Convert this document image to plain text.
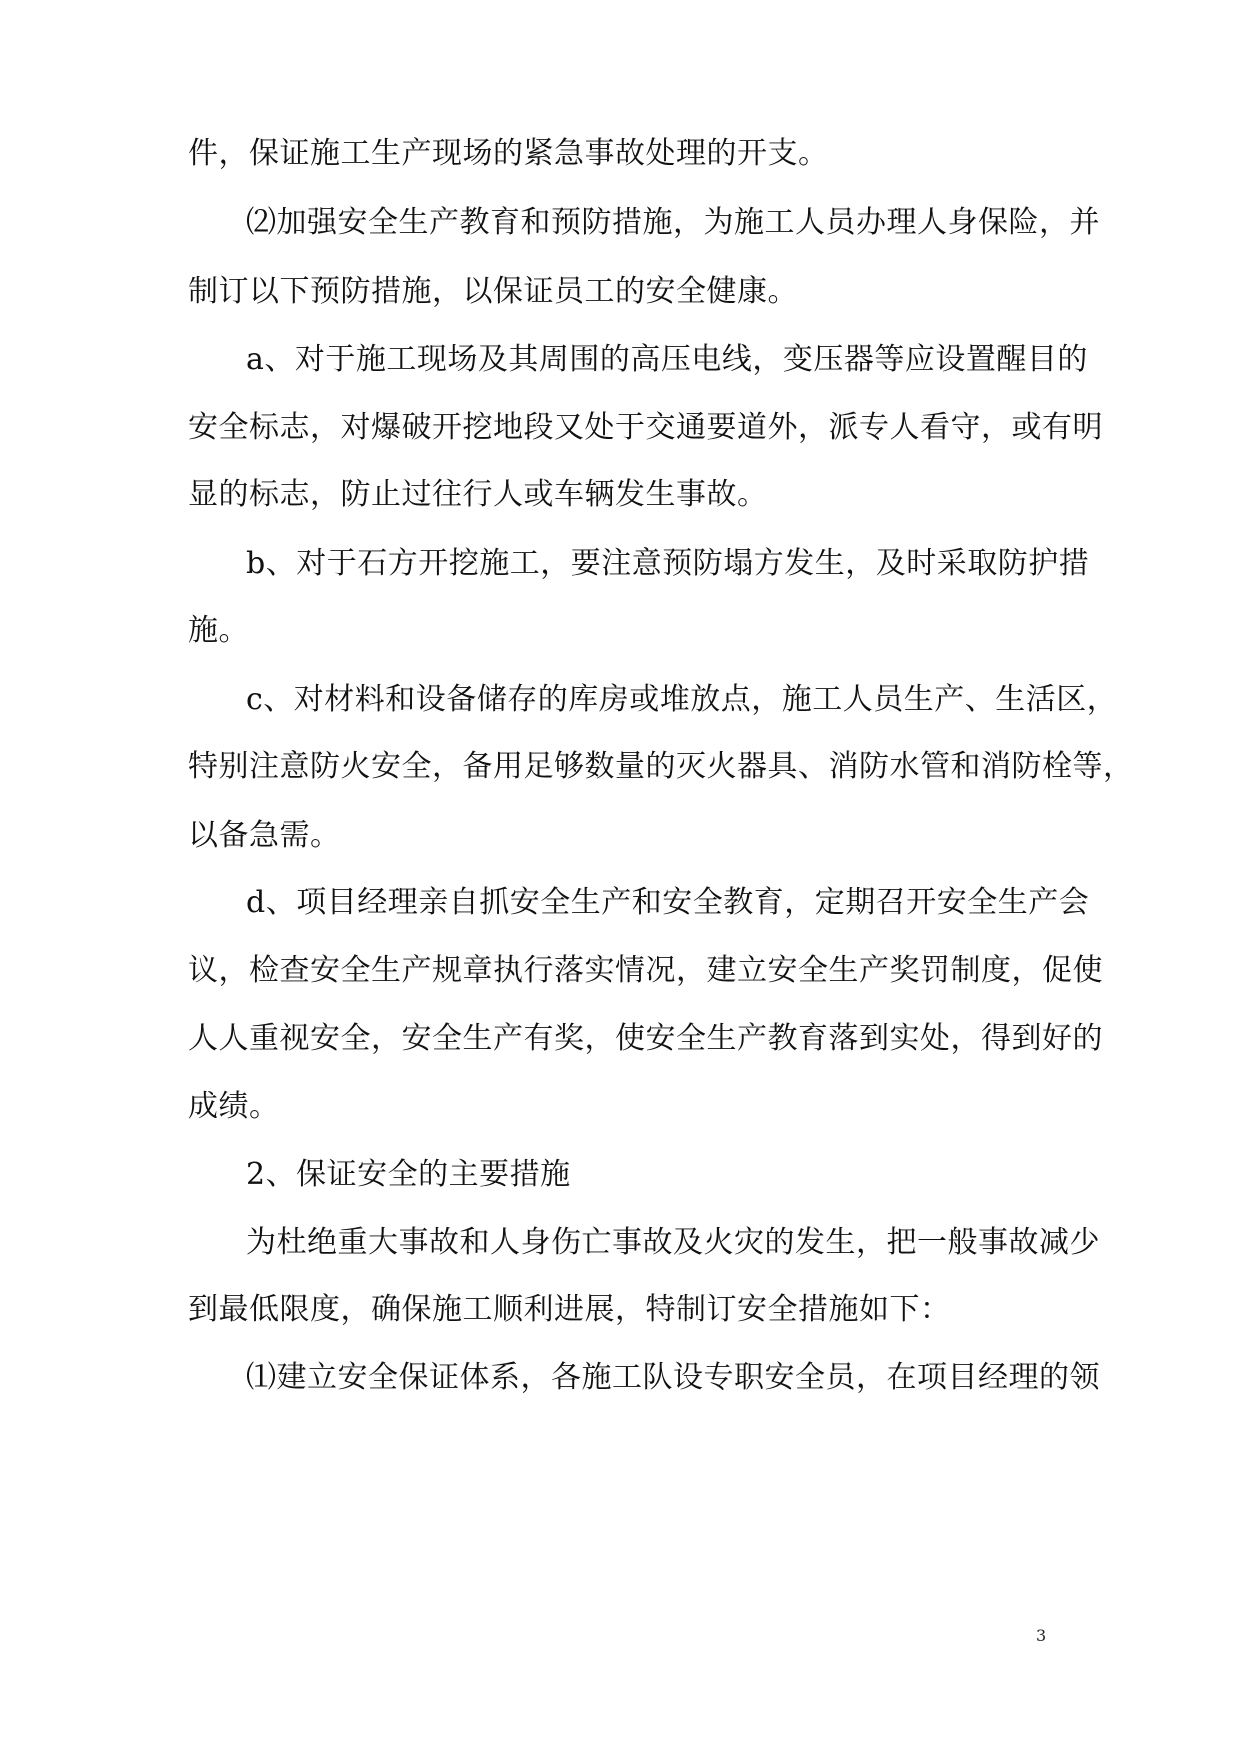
件，保证施工生产现场的紧急事故处理的开支。
⑵加强安全生产教育和预防措施，为施工人员办理人身保险，并
制订以下预防措施，以保证员工的安全健康。
a、对于施工现场及其周围的高压电线，变压器等应设置醒目的
安全标志，对爆破开挖地段又处于交通要道外，派专人看守，或有明
显的标志，防止过往行人或车辆发生事故。
b、对于石方开挖施工，要注意预防塌方发生，及时采取防护措
施。
c、对材料和设备储存的库房或堆放点，施工人员生产、生活区，
特别注意防火安全，备用足够数量的灭火器具、消防水管和消防栓等，
以备急需。
d、项目经理亲自抓安全生产和安全教育，定期召开安全生产会
议，检查安全生产规章执行落实情况，建立安全生产奖罚制度，促使
人人重视安全，安全生产有奖，使安全生产教育落到实处，得到好的
成绩。
2、保证安全的主要措施
为杜绝重大事故和人身伤亡事故及火灾的发生，把一般事故减少
到最低限度，确保施工顺利进展，特制订安全措施如下：
⑴建立安全保证体系，各施工队设专职安全员，在项目经理的领
3
